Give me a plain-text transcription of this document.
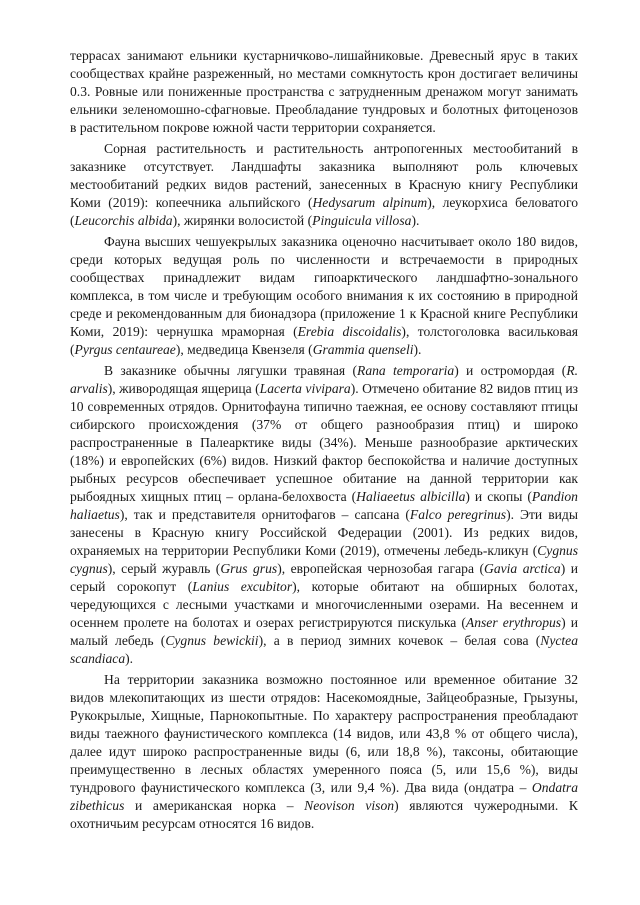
террасах занимают ельники кустарничково-лишайниковые. Древесный ярус в таких сообществах крайне разреженный, но местами сомкнутость крон достигает величины 0.3. Ровные или пониженные пространства с затрудненным дренажом могут занимать ельники зеленомошно-сфагновые. Преобладание тундровых и болотных фитоценозов в растительном покрове южной части территории сохраняется.

Сорная растительность и растительность антропогенных местообитаний в заказнике отсутствует. Ландшафты заказника выполняют роль ключевых местообитаний редких видов растений, занесенных в Красную книгу Республики Коми (2019): копеечника альпийского (Hedysarum alpinum), леукорхиса беловатого (Leucorchis albida), жирянки волосистой (Pinguicula villosa).

Фауна высших чешуекрылых заказника оценочно насчитывает около 180 видов, среди которых ведущая роль по численности и встречаемости в природных сообществах принадлежит видам гипоарктического ландшафтно-зонального комплекса, в том числе и требующим особого внимания к их состоянию в природной среде и рекомендованным для бионадзора (приложение 1 к Красной книге Республики Коми, 2019): чернушка мраморная (Erebia discoidalis), толстоголовка васильковая (Pyrgus centaureae), медведица Квензеля (Grammia quenseli).

В заказнике обычны лягушки травяная (Rana temporaria) и остромордая (R. arvalis), живородящая ящерица (Lacerta vivipara). Отмечено обитание 82 видов птиц из 10 современных отрядов. Орнитофауна типично таежная, ее основу составляют птицы сибирского происхождения (37% от общего разнообразия птиц) и широко распространенные в Палеарктике виды (34%). Меньше разнообразие арктических (18%) и европейских (6%) видов. Низкий фактор беспокойства и наличие доступных рыбных ресурсов обеспечивает успешное обитание на данной территории как рыбоядных хищных птиц – орлана-белохвоста (Haliaeetus albicilla) и скопы (Pandion haliaetus), так и представителя орнитофагов – сапсана (Falco peregrinus). Эти виды занесены в Красную книгу Российской Федерации (2001). Из редких видов, охраняемых на территории Республики Коми (2019), отмечены лебедь-кликун (Cygnus cygnus), серый журавль (Grus grus), европейская чернозобая гагара (Gavia arctica) и серый сорокопут (Lanius excubitor), которые обитают на обширных болотах, чередующихся с лесными участками и многочисленными озерами. На весеннем и осеннем пролете на болотах и озерах регистрируются пискулька (Anser erythropus) и малый лебедь (Cygnus bewickii), а в период зимних кочевок – белая сова (Nyctea scandiaca).

На территории заказника возможно постоянное или временное обитание 32 видов млекопитающих из шести отрядов: Насекомоядные, Зайцеобразные, Грызуны, Рукокрылые, Хищные, Парнокопытные. По характеру распространения преобладают виды таежного фаунистического комплекса (14 видов, или 43,8 % от общего числа), далее идут широко распространенные виды (6, или 18,8 %), таксоны, обитающие преимущественно в лесных областях умеренного пояса (5, или 15,6 %), виды тундрового фаунистического комплекса (3, или 9,4 %). Два вида (ондатра – Ondatra zibethicus и американская норка – Neovison vison) являются чужеродными. К охотничьим ресурсам относятся 16 видов.
